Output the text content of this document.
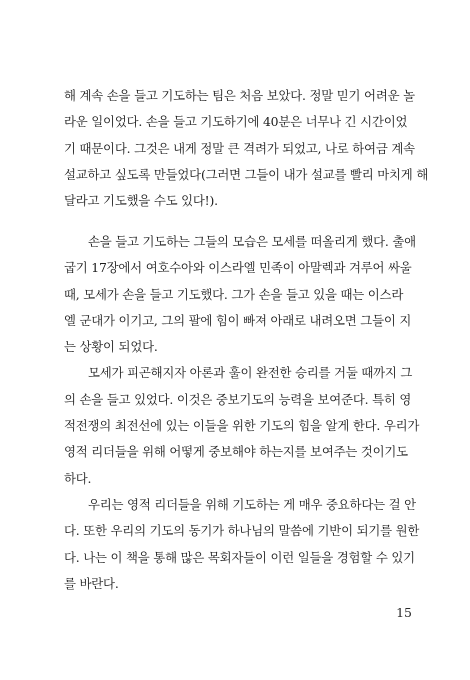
해 계속 손을 들고 기도하는 팀은 처음 보았다. 정말 믿기 어려운 놀
라운 일이었다. 손을 들고 기도하기에 40분은 너무나 긴 시간이었
기 때문이다. 그것은 내게 정말 큰 격려가 되었고, 나로 하여금 계속
설교하고 싶도록 만들었다(그러면 그들이 내가 설교를 빨리 마치게 해
달라고 기도했을 수도 있다!).
손을 들고 기도하는 그들의 모습은 모세를 떠올리게 했다. 출애
굽기 17장에서 여호수아와 이스라엘 민족이 아말렉과 겨루어 싸울
때, 모세가 손을 들고 기도했다. 그가 손을 들고 있을 때는 이스라
엘 군대가 이기고, 그의 팔에 힘이 빠져 아래로 내려오면 그들이 지
는 상황이 되었다.
모세가 피곤해지자 아론과 훌이 완전한 승리를 거둘 때까지 그
의 손을 들고 있었다. 이것은 중보기도의 능력을 보여준다. 특히 영
적전쟁의 최전선에 있는 이들을 위한 기도의 힘을 알게 한다. 우리가
영적 리더들을 위해 어떻게 중보해야 하는지를 보여주는 것이기도
하다.
우리는 영적 리더들을 위해 기도하는 게 매우 중요하다는 걸 안
다. 또한 우리의 기도의 동기가 하나님의 말씀에 기반이 되기를 원한
다. 나는 이 책을 통해 많은 목회자들이 이런 일들을 경험할 수 있기
를 바란다.
15
